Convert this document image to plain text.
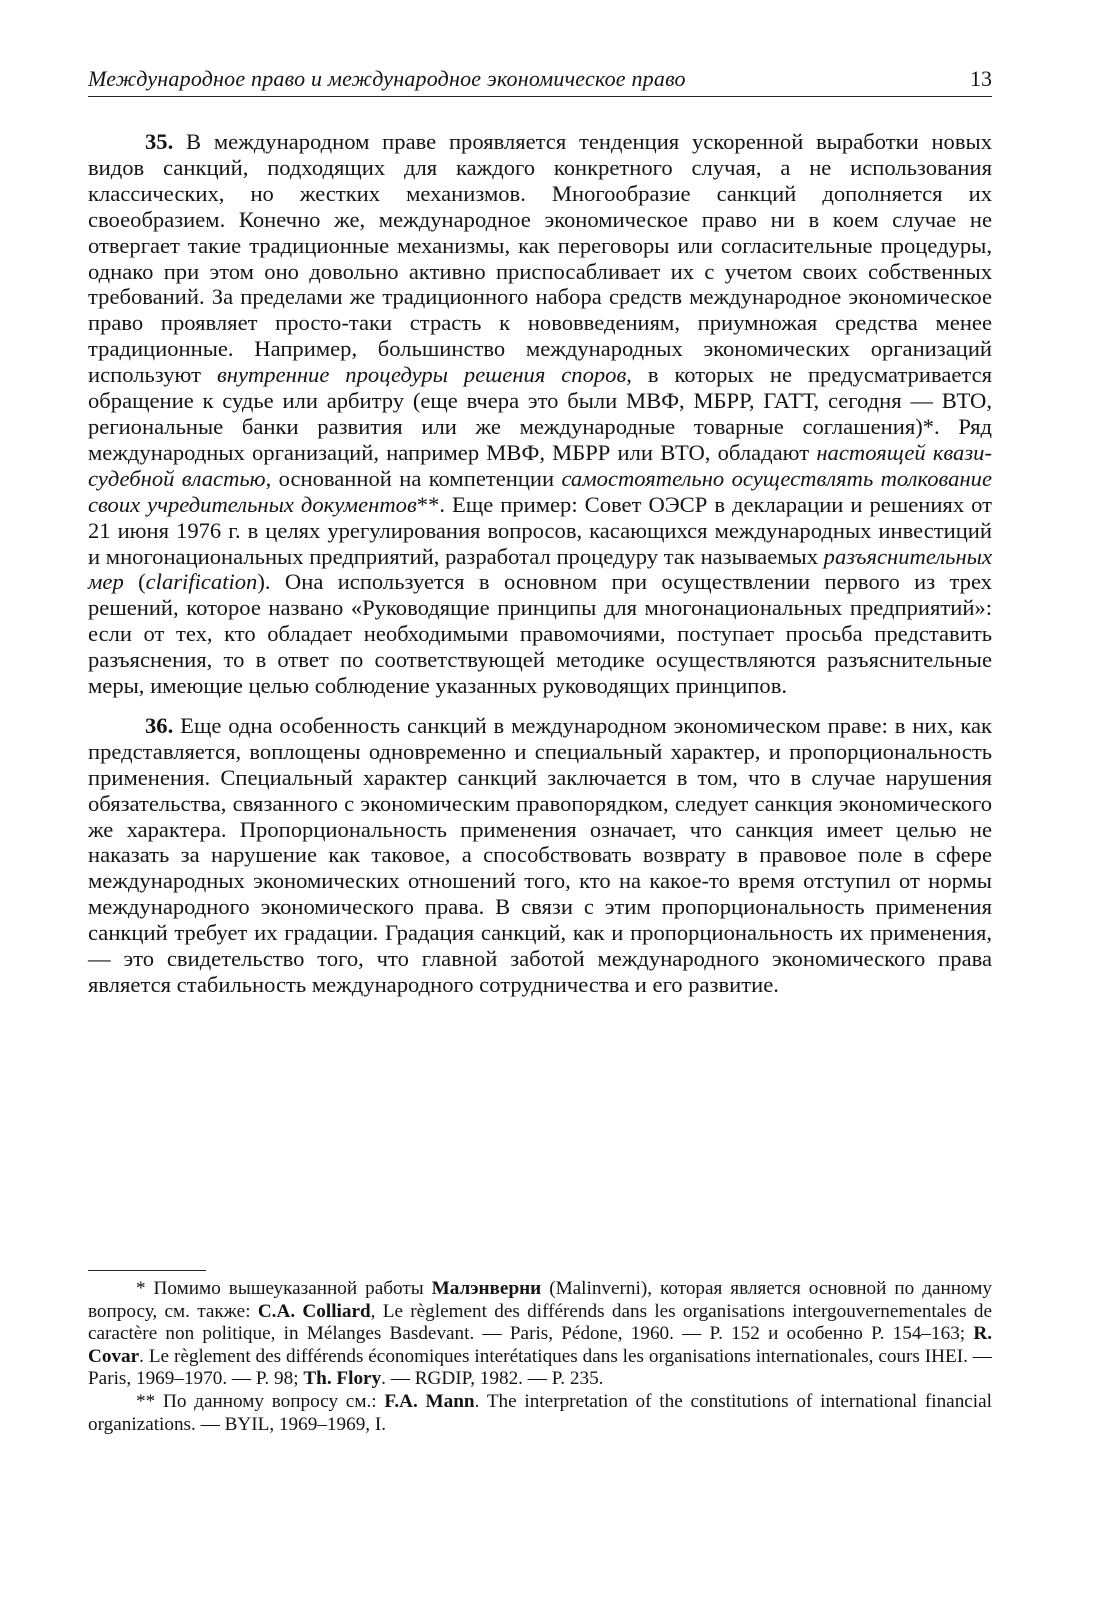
Международное право и международное экономическое право	13

35. В международном праве проявляется тенденция ускоренной выработки новых видов санкций, подходящих для каждого конкретного случая, а не использования классических, но жестких механизмов. Многообразие санкций дополняется их своеобразием. Конечно же, международное экономическое право ни в коем случае не отвергает такие традиционные механизмы, как переговоры или согласительные процедуры, однако при этом оно довольно активно приспосабливает их с учетом своих собственных требований. За пределами же традиционного набора средств международное экономическое право проявляет просто-таки страсть к нововведениям, приумножая средства менее традиционные. Например, большинство международных экономических организаций используют внутренние процедуры решения споров, в которых не предусматривается обращение к судье или арбитру (еще вчера это были МВФ, МБРР, ГАТТ, сегодня — ВТО, региональные банки развития или же международные товарные соглашения)*. Ряд международных организаций, например МВФ, МБРР или ВТО, обладают настоящей квазисудебной властью, основанной на компетенции самостоятельно осуществлять толкование своих учредительных документов**. Еще пример: Совет ОЭСР в декларации и решениях от 21 июня 1976 г. в целях урегулирования вопросов, касающихся международных инвестиций и многонациональных предприятий, разработал процедуру так называемых разъяснительных мер (clarification). Она используется в основном при осуществлении первого из трех решений, которое названо «Руководящие принципы для многонациональных предприятий»: если от тех, кто обладает необходимыми правомочиями, поступает просьба представить разъяснения, то в ответ по соответствующей методике осуществляются разъяснительные меры, имеющие целью соблюдение указанных руководящих принципов.

36. Еще одна особенность санкций в международном экономическом праве: в них, как представляется, воплощены одновременно и специальный характер, и пропорциональность применения. Специальный характер санкций заключается в том, что в случае нарушения обязательства, связанного с экономическим правопорядком, следует санкция экономического же характера. Пропорциональность применения означает, что санкция имеет целью не наказать за нарушение как таковое, а способствовать возврату в правовое поле в сфере международных экономических отношений того, кто на какое-то время отступил от нормы международного экономического права. В связи с этим пропорциональность применения санкций требует их градации. Градация санкций, как и пропорциональность их применения, — это свидетельство того, что главной заботой международного экономического права является стабильность международного сотрудничества и его развитие.

* Помимо вышеуказанной работы Малэнверни (Malinverni), которая является основной по данному вопросу, см. также: C.A. Colliard, Le règlement des différends dans les organisations intergouvernementales de caractère non politique, in Mélanges Basdevant. — Paris, Pédone, 1960. — P. 152 и особенно P. 154–163; R. Covar. Le règlement des différends économiques interétatiques dans les organisations internationales, cours IHEI. — Paris, 1969–1970. — P. 98; Th. Flory. — RGDIP, 1982. — P. 235.

** По данному вопросу см.: F.A. Mann. The interpretation of the constitutions of international financial organizations. — BYIL, 1969–1969, I.
